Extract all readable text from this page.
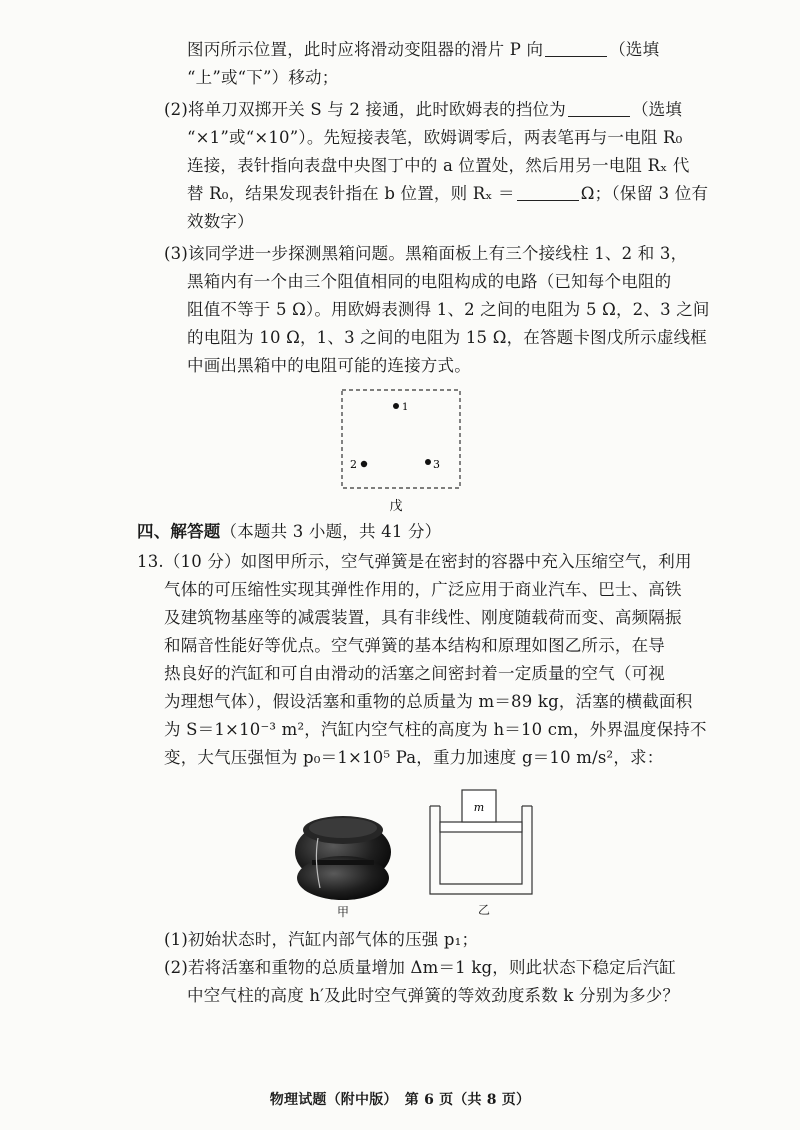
图丙所示位置，此时应将滑动变阻器的滑片 P 向	（选填
“上”或“下”）移动；
(2)将单刀双掷开关 S 与 2 接通，此时欧姆表的挡位为	（选填
“×1”或“×10”）。先短接表笔，欧姆调零后，两表笔再与一电阻 R₀
连接，表针指向表盘中央图丁中的 a 位置处，然后用另一电阻 Rₓ 代
替 R₀，结果发现表针指在 b 位置，则 Rₓ ＝	Ω；（保留 3 位有
效数字）
(3)该同学进一步探测黑箱问题。黑箱面板上有三个接线柱 1、2 和 3，
黑箱内有一个由三个阻值相同的电阻构成的电路（已知每个电阻的
阻值不等于 5 Ω）。用欧姆表测得 1、2 之间的电阻为 5 Ω，2、3 之间
的电阻为 10 Ω，1、3 之间的电阻为 15 Ω，在答题卡图戊所示虚线框
中画出黑箱中的电阻可能的连接方式。
1
2	3
戊
四、解答题（本题共 3 小题，共 41 分）
13.（10 分）如图甲所示，空气弹簧是在密封的容器中充入压缩空气，利用
气体的可压缩性实现其弹性作用的，广泛应用于商业汽车、巴士、高铁
及建筑物基座等的减震装置，具有非线性、刚度随载荷而变、高频隔振
和隔音性能好等优点。空气弹簧的基本结构和原理如图乙所示，在导
热良好的汽缸和可自由滑动的活塞之间密封着一定质量的空气（可视
为理想气体），假设活塞和重物的总质量为 m＝89 kg，活塞的横截面积
为 S＝1×10⁻³ m²，汽缸内空气柱的高度为 h＝10 cm，外界温度保持不
变，大气压强恒为 p₀＝1×10⁵ Pa，重力加速度 g＝10 m/s²，求：
甲
m
乙
(1)初始状态时，汽缸内部气体的压强 p₁；
(2)若将活塞和重物的总质量增加 Δm＝1 kg，则此状态下稳定后汽缸
中空气柱的高度 h′及此时空气弹簧的等效劲度系数 k 分别为多少？
物理试题（附中版）　第 6 页（共 8 页）
